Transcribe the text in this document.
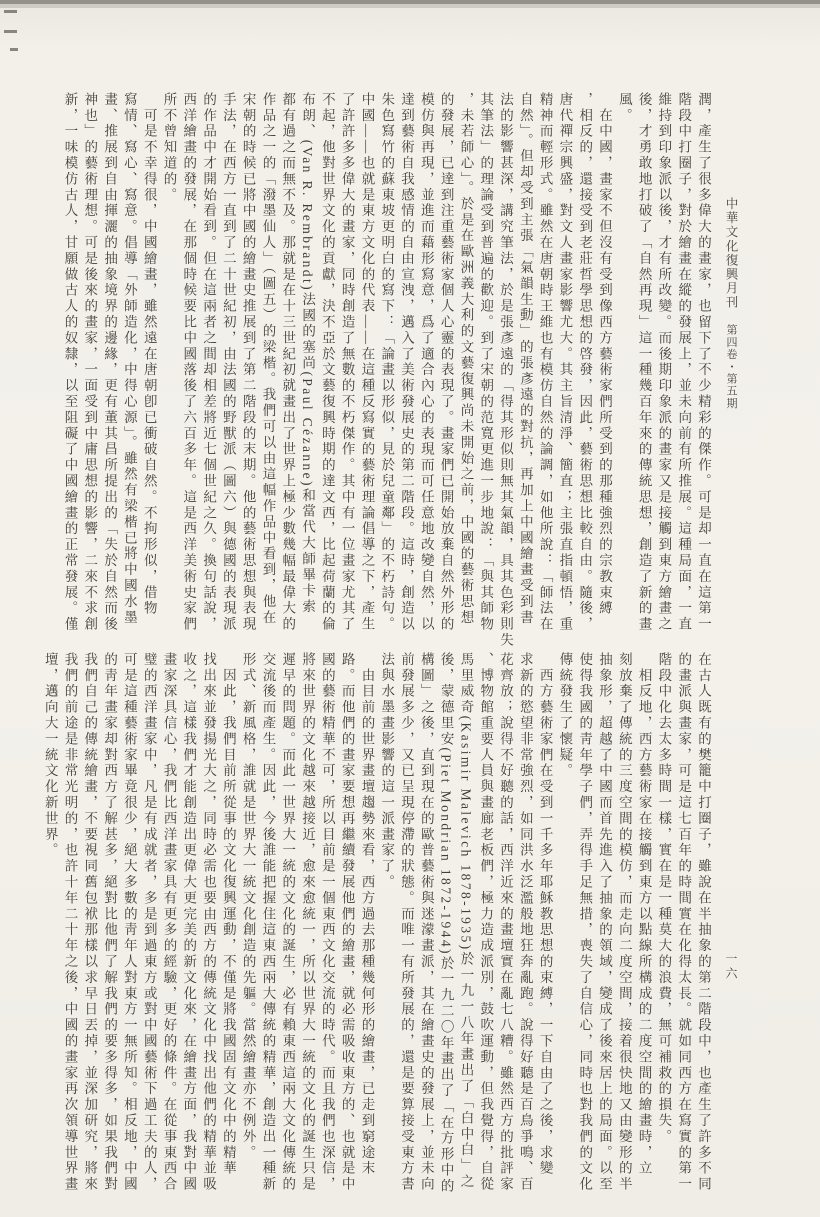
中華文化復興月刊第四卷・第五期
一六
潤，產生了很多偉大的畫家，也留下了不少精彩的傑作。可是却一直在這第一
階段中打圈子，對於繪畫在縱的發展上，並未向前有所推展。這種局面，一直
維持到印象派以後，才有所改變。而後期印象派的畫家又是接觸到東方繪畫之
後，才勇敢地打破了「自然再現」這一種幾百年來的傳統思想，創造了新的畫
風。
　在中國，畫家不但沒有受到像西方藝術家們所受到的那種強烈的宗教束縛
，相反的，還接受到老莊哲學思想的啓發，因此，藝術思想比較自由。隨後，
唐代禪宗興盛，對文人畫家影響尤大。其主旨清淨、簡直；主張直指頓悟，重
精神而輕形式。雖然在唐朝時王維也有模仿自然的論調，如他所說：「師法在
自然」。但却受到主張「氣韻生動」的張彥遠的對抗，再加上中國繪畫受到書
法的影響甚深，講究筆法，於是張彥遠的「得其形似則無其氣韻，具其色彩則失
其筆法」的理論受到普遍的歡迎。到了宋朝的范寬更進一步地說：「與其師物
，未若師心」。於是在歐洲義大利的文藝復興尚未開始之前，中國的藝術思想
的發展，已達到注重藝術家個人心靈的表現了。畫家們已開始放棄自然外形的
模仿與再現，並進而藉形寫意，爲了適合內心的表現而可任意地改變自然，以
達到藝術自我感情的自由宣洩，邁入了美術發展史的第二階段。這時，創造以
朱色寫竹的蘇東坡更明白的寫下：「論畫以形似，見於兒童鄰」的不朽詩句。
中國——也就是東方文化的代表——在這種反寫實的藝術理論倡導之下，產生
了許許多多偉大的畫家，同時創造了無數的不朽傑作。其中有一位畫家尤其了
不起，他對世界文化的貢獻，決不亞於文藝復興時期的達文西，比起荷蘭的倫
布朗、(Van R. Rembrandt)法國的塞尚(Paul Cézanne)和當代大師畢卡索
都有過之而無不及。那就是在十三世紀初就畫出了世界上極少數幾幅最偉大的
作品之一的「潑墨仙人」（圖五）的梁楷。我們可以由這幅作品中看到，他在
宋朝的時候已將中國的繪畫史推展到了第二階段的末期。他的藝術思想與表現
手法，在西方一直到了二十世紀初，由法國的野獸派（圖六）與德國的表現派
的作品中才開始看到。但在這兩者之間却相差將近七個世紀之久。換句話說，
西洋繪畫的發展，在那個時候要比中國落後了六百多年。這是西洋美術史家們
所不曾知道的。
　可是不幸得很，中國繪畫，雖然遠在唐朝卽已衝破自然。不拘形似，借物
寫情、寫心、寫意。倡導「外師造化，中得心源」。雖然有梁楷已將中國水墨
畫、推展到自由揮灑的抽象境界的邊緣，更有董其昌所提出的「失於自然而後
神也」的藝術理想。可是後來的畫家，一面受到中庸思想的影響，二來不求創
新，一味模仿古人，甘願做古人的奴隸，以至阻礙了中國繪畫的正常發展。僅
在古人既有的樊籠中打圈子，雖說在半抽象的第二階段中，也產生了許多不同
的畫派與畫家，可是這七百年的時間實在化得太長。就如同西方在寫實的第一
階段中化去太多時間一樣，實在是一種莫大的浪費，無可補救的損失。
　相反地，西方藝術家在接觸到東方以點線所構成的二度空間的繪畫時，立
刻放棄了傳統的三度空間的模仿，而走向二度空間，接着很快地又由變形的半
抽象形，超越了中國而首先進入了抽象的領域，變成了後來居上的局面。以至
使得我國的靑年學子們，弄得手足無措，喪失了自信心，同時也對我們的文化
傳統發生了懷疑。
　西方藝術家們在受到一千多年耶穌教思想的束縛，一下自由了之後，求變
求新的慾望非常強烈，如同洪水泛濫般地狂奔亂跑。說得好聽是百鳥爭鳴、百
花齊放；說得不好聽的話，西洋近來的畫壇實在亂七八糟。雖然西方的批評家
、博物館重要人員與畫廊老板們，極力造成派別，鼓吹運動，但我覺得，自從
馬里威奇(Kasimir Malevich 1878-1935)於一九一八年畫出了「白中白」之
後，蒙德里安(Piet Mondrian 1872-1944)於一九二〇年畫出了「在方形中的
構圖」之後，直到現在的歐普藝術與迷濛畫派，其在繪畫史的發展上，並未向
前發展多少，又已呈現停滯的狀態。而唯一有所發展的，還是要算接受東方書
法與水墨畫影響的這一派畫家了。
　由目前的世界畫壇趨勢來看，西方過去那種幾何形的繪畫，已走到窮途末
路。而他們的畫家要想再繼續發展他們的繪畫，就必需吸收東方的、也就是中
國的藝術精華不可，所以目前是一個東西文化交流的時代。而且我們也深信，
將來世界的文化越來越接近，愈來愈統一，所以世界大一統的文化的誕生只是
遲早的問題。而此一世界大一統的文化的誕生，必有賴東西這兩大文化傳統的
交流後而產生。因此，今後誰能把握住這東西兩大傳統的精華，創造出一種新
形式、新風格，誰就是世界大一統文化創造的先軀。當然繪畫亦不例外。
　因此，我們目前所從事的文化復興運動，不僅是將我國固有文化中的精華
找出來並發揚光大之，同時必需也要由西方的傳統文化中找出他們的精華並吸
收之，這樣我們才能創造出更偉大更完美的新文化來，在繪畫方面，我對中國
畫家深具信心，我們比西洋畫家具有更多的經驗，更好的條件。在從事東西合
璧的西洋畫家中，凡是有成就者，多是到過東方或對中國藝術下過工夫的人，
可是這種藝術家畢竟很少，絕大多數的靑年人對東方一無所知。相反地，中國
的靑年畫家却對西方了解甚多，絕對比他們了解我們的要多得多，如果我們對
我們自己的傳統繪畫，不要視同舊包袱那樣以求早日丟掉，並深加研究，將來
我們的前途是非常光明的，也許十年二十年之後，中國的畫家再次領導世界畫
壇，邁向大一統文化新世界。
